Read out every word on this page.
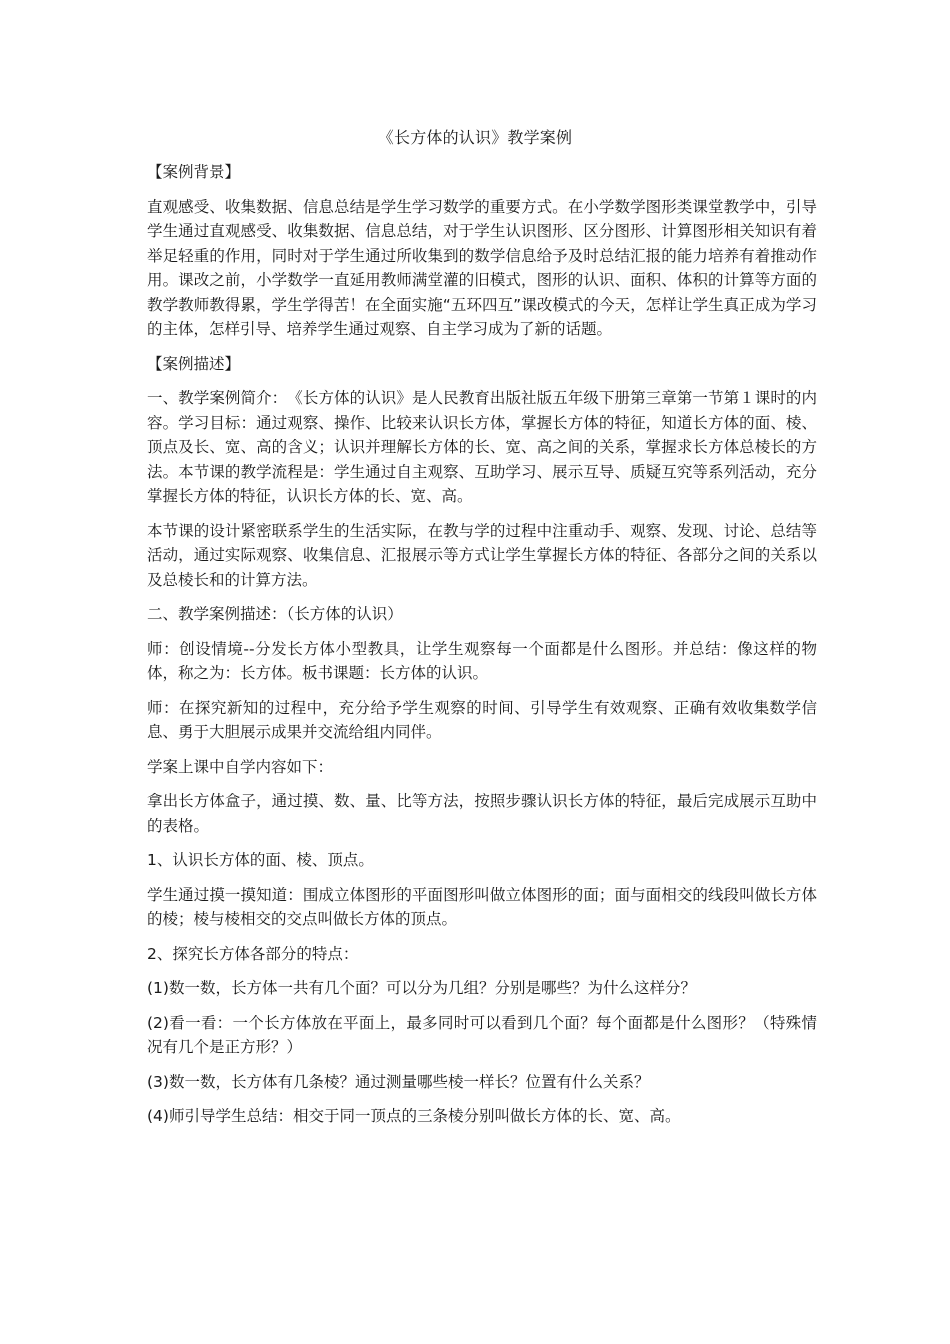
《长方体的认识》教学案例

【案例背景】

直观感受、收集数据、信息总结是学生学习数学的重要方式。在小学数学图形类课堂教学中，引导学生通过直观感受、收集数据、信息总结，对于学生认识图形、区分图形、计算图形相关知识有着举足轻重的作用，同时对于学生通过所收集到的数学信息给予及时总结汇报的能力培养有着推动作用。课改之前，小学数学一直延用教师满堂灌的旧模式，图形的认识、面积、体积的计算等方面的教学教师教得累，学生学得苦！在全面实施“五环四互”课改模式的今天，怎样让学生真正成为学习的主体，怎样引导、培养学生通过观察、自主学习成为了新的话题。

【案例描述】

一、教学案例简介：　《长方体的认识》是人民教育出版社版五年级下册第三章第一节第１课时的内容。学习目标：通过观察、操作、比较来认识长方体，掌握长方体的特征，知道长方体的面、棱、顶点及长、宽、高的含义；认识并理解长方体的长、宽、高之间的关系，掌握求长方体总棱长的方法。本节课的教学流程是：学生通过自主观察、互助学习、展示互导、质疑互究等系列活动，充分掌握长方体的特征，认识长方体的长、宽、高。

本节课的设计紧密联系学生的生活实际，在教与学的过程中注重动手、观察、发现、讨论、总结等活动，通过实际观察、收集信息、汇报展示等方式让学生掌握长方体的特征、各部分之间的关系以及总棱长和的计算方法。

二、教学案例描述：（长方体的认识）

师：创设情境--分发长方体小型教具，让学生观察每一个面都是什么图形。并总结：像这样的物体，称之为：长方体。板书课题：长方体的认识。

师：在探究新知的过程中，充分给予学生观察的时间、引导学生有效观察、正确有效收集数学信息、勇于大胆展示成果并交流给组内同伴。

学案上课中自学内容如下：

拿出长方体盒子，通过摸、数、量、比等方法，按照步骤认识长方体的特征，最后完成展示互助中的表格。

1、认识长方体的面、棱、顶点。

学生通过摸一摸知道：围成立体图形的平面图形叫做立体图形的面；面与面相交的线段叫做长方体的棱；棱与棱相交的交点叫做长方体的顶点。

2、探究长方体各部分的特点：

(1)数一数，长方体一共有几个面？可以分为几组？分别是哪些？为什么这样分？

(2)看一看：一个长方体放在平面上，最多同时可以看到几个面？每个面都是什么图形？（特殊情况有几个是正方形？）

(3)数一数，长方体有几条棱？通过测量哪些棱一样长？位置有什么关系？

(4)师引导学生总结：相交于同一顶点的三条棱分别叫做长方体的长、宽、高。
